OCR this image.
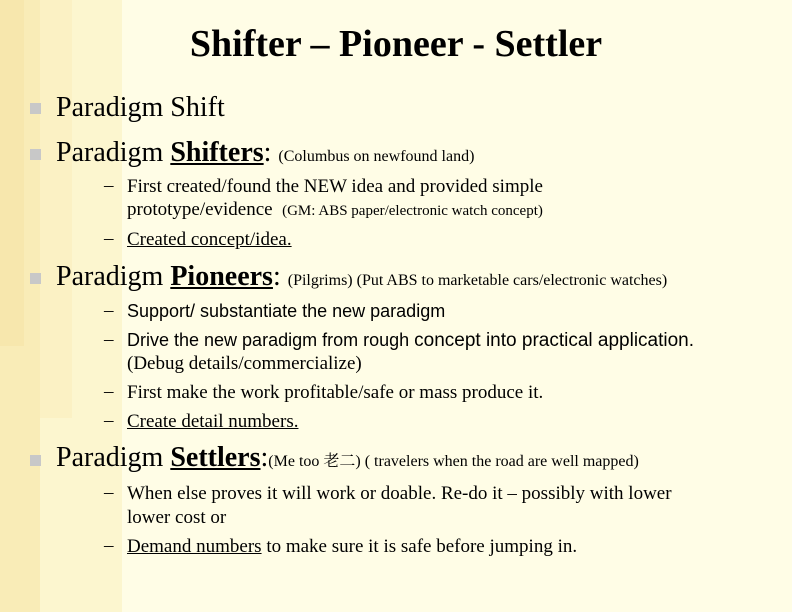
Shifter – Pioneer - Settler
Paradigm Shift
Paradigm Shifters: (Columbus on newfound land)
– First created/found the NEW idea and provided simple
prototype/evidence (GM: ABS paper/electronic watch concept)
– Created concept/idea.
Paradigm Pioneers: (Pilgrims) (Put ABS to marketable cars/electronic watches)
– Support/ substantiate the new paradigm
– Drive the new paradigm from rough concept into practical application.
(Debug details/commercialize)
– First make the work profitable/safe or mass produce it.
– Create detail numbers.
Paradigm Settlers:(Me too 老二) ( travelers when the road are well mapped)
– When else proves it will work or doable. Re-do it – possibly with lower
lower cost or
– Demand numbers to make sure it is safe before jumping in.
